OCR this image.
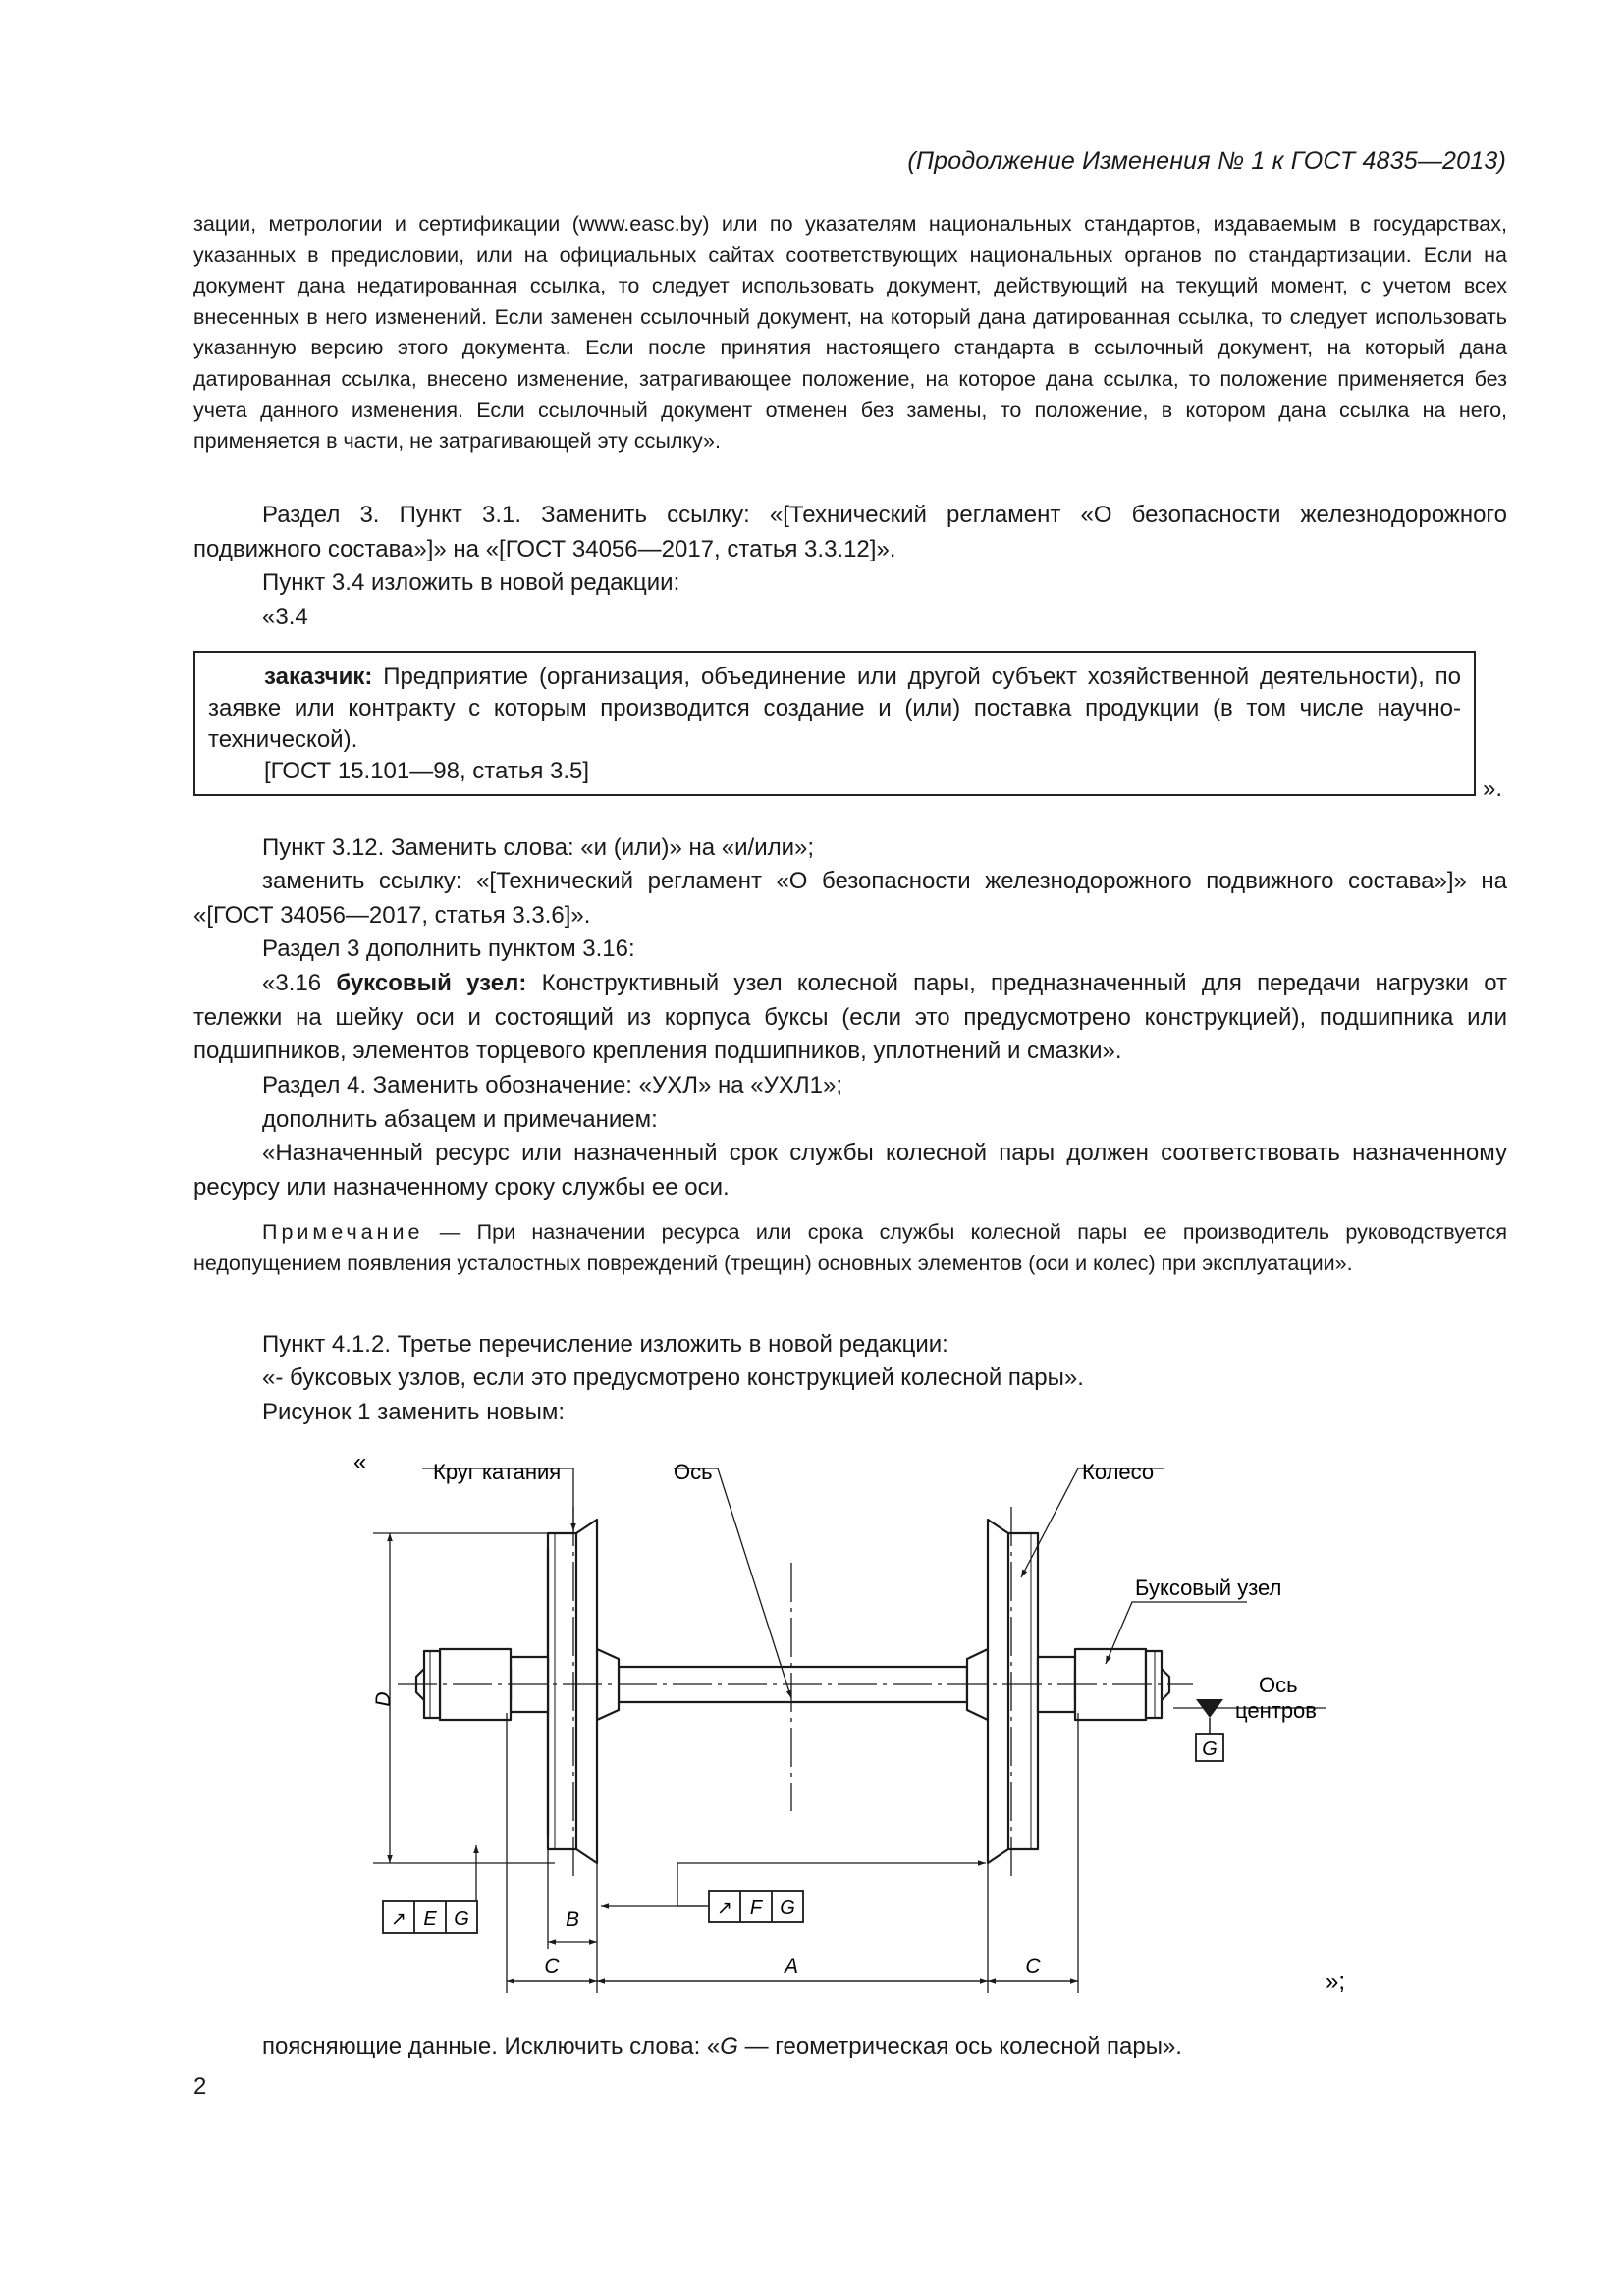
(Продолжение Изменения № 1 к ГОСТ 4835—2013)

зации, метрологии и сертификации (www.easc.by) или по указателям национальных стандартов, издаваемым в государствах, указанных в предисловии, или на официальных сайтах соответствующих национальных органов по стандартизации. Если на документ дана недатированная ссылка, то следует использовать документ, действующий на текущий момент, с учетом всех внесенных в него изменений. Если заменен ссылочный документ, на который дана датированная ссылка, то следует использовать указанную версию этого документа. Если после принятия настоящего стандарта в ссылочный документ, на который дана датированная ссылка, внесено изменение, затрагивающее положение, на которое дана ссылка, то положение применяется без учета данного изменения. Если ссылочный документ отменен без замены, то положение, в котором дана ссылка на него, применяется в части, не затрагивающей эту ссылку».

Раздел 3. Пункт 3.1. Заменить ссылку: «[Технический регламент «О безопасности железнодорожного подвижного состава»]» на «[ГОСТ 34056—2017, статья 3.3.12]».

Пункт 3.4 изложить в новой редакции:
«3.4

заказчик: Предприятие (организация, объединение или другой субъект хозяйственной деятельности), по заявке или контракту с которым производится создание и (или) поставка продукции (в том числе научно-технической).

[ГОСТ 15.101—98, статья 3.5]

».
Пункт 3.12. Заменить слова: «и (или)» на «и/или»;

заменить ссылку: «[Технический регламент «О безопасности железнодорожного подвижного состава»]» на «[ГОСТ 34056—2017, статья 3.3.6]».

Раздел 3 дополнить пунктом 3.16:

«3.16 буксовый узел: Конструктивный узел колесной пары, предназначенный для передачи нагрузки от тележки на шейку оси и состоящий из корпуса буксы (если это предусмотрено конструкцией), подшипника или подшипников, элементов торцевого крепления подшипников, уплотнений и смазки».

Раздел 4. Заменить обозначение: «УХЛ» на «УХЛ1»;
дополнить абзацем и примечанием:

«Назначенный ресурс или назначенный срок службы колесной пары должен соответствовать назначенному ресурсу или назначенному сроку службы ее оси.

Примечание — При назначении ресурса или срока службы колесной пары ее производитель руководствуется недопущением появления усталостных повреждений (трещин) основных элементов (оси и колес) при эксплуатации».

Пункт 4.1.2. Третье перечисление изложить в новой редакции:
«- буксовых узлов, если это предусмотрено конструкцией колесной пары».
Рисунок 1 заменить новым:
«
G
↗ E G	↗ F G
Круг катания	Ось	Колесо
Буксовый узел
Ось
центров
D
B
C	A	C
»;
поясняющие данные. Исключить слова: «G — геометрическая ось колесной пары».
2
